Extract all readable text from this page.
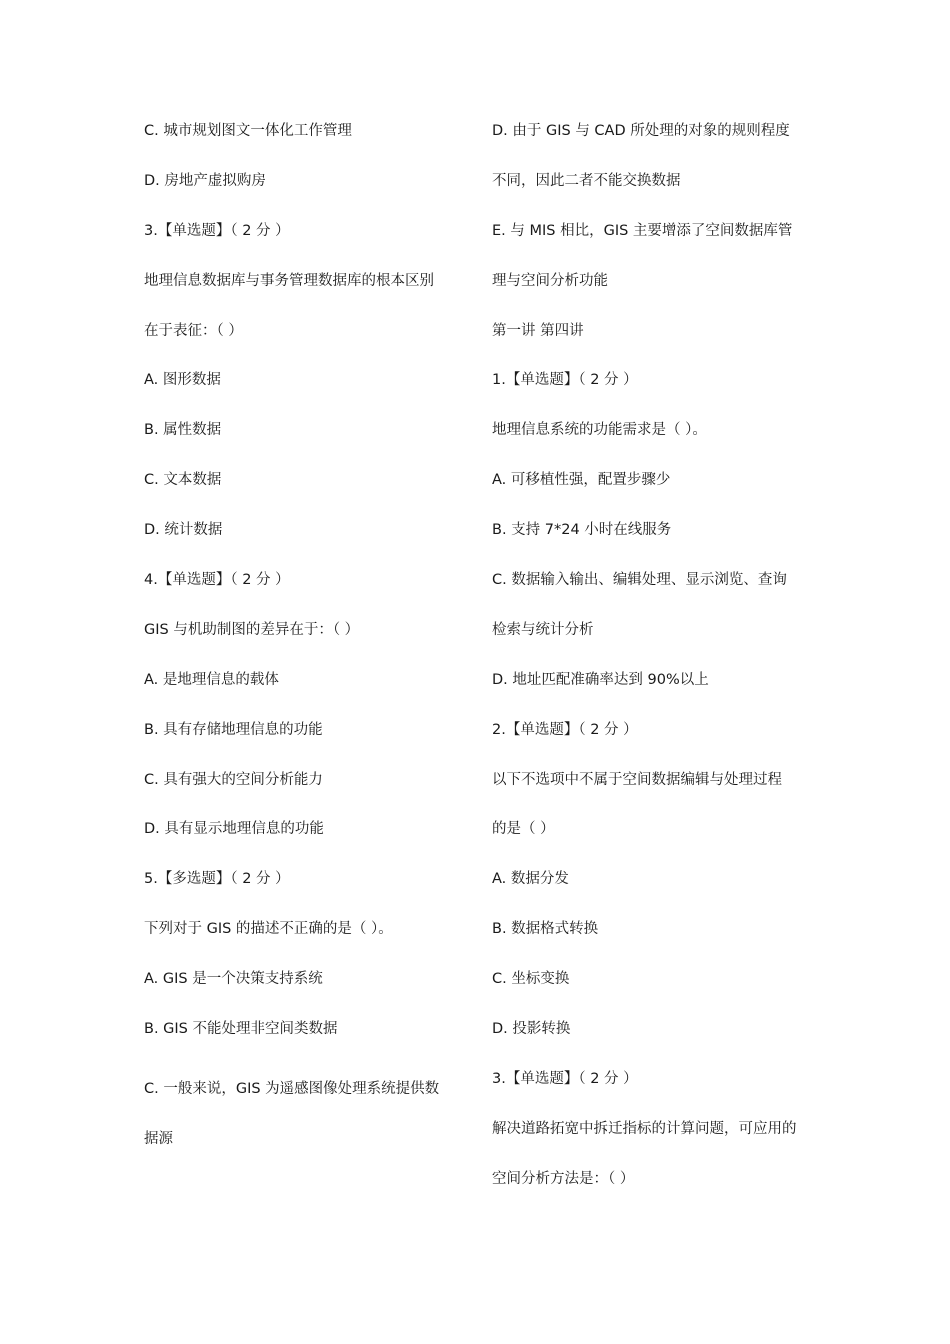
C. 城市规划图文一体化工作管理
D. 房地产虚拟购房
3.【单选题】（ 2 分 ）
地理信息数据库与事务管理数据库的根本区别
在于表征：（ ）
A. 图形数据
B. 属性数据
C. 文本数据
D. 统计数据
4.【单选题】（ 2 分 ）
GIS 与机助制图的差异在于：（ ）
A. 是地理信息的载体
B. 具有存储地理信息的功能
C. 具有强大的空间分析能力
D. 具有显示地理信息的功能
5.【多选题】（ 2 分 ）
下列对于 GIS 的描述不正确的是（ ）。
A. GIS 是一个决策支持系统
B. GIS 不能处理非空间类数据
C. 一般来说，GIS 为遥感图像处理系统提供数
据源
D. 由于 GIS 与 CAD 所处理的对象的规则程度
不同，因此二者不能交换数据
E. 与 MIS 相比，GIS 主要增添了空间数据库管
理与空间分析功能
第一讲 第四讲
1.【单选题】（ 2 分 ）
地理信息系统的功能需求是（ ）。
A. 可移植性强，配置步骤少
B. 支持 7*24 小时在线服务
C. 数据输入输出、编辑处理、显示浏览、查询
检索与统计分析
D. 地址匹配准确率达到 90%以上
2.【单选题】（ 2 分 ）
以下不选项中不属于空间数据编辑与处理过程
的是（ ）
A. 数据分发
B. 数据格式转换
C. 坐标变换
D. 投影转换
3.【单选题】（ 2 分 ）
解决道路拓宽中拆迁指标的计算问题，可应用的
空间分析方法是：（ ）
